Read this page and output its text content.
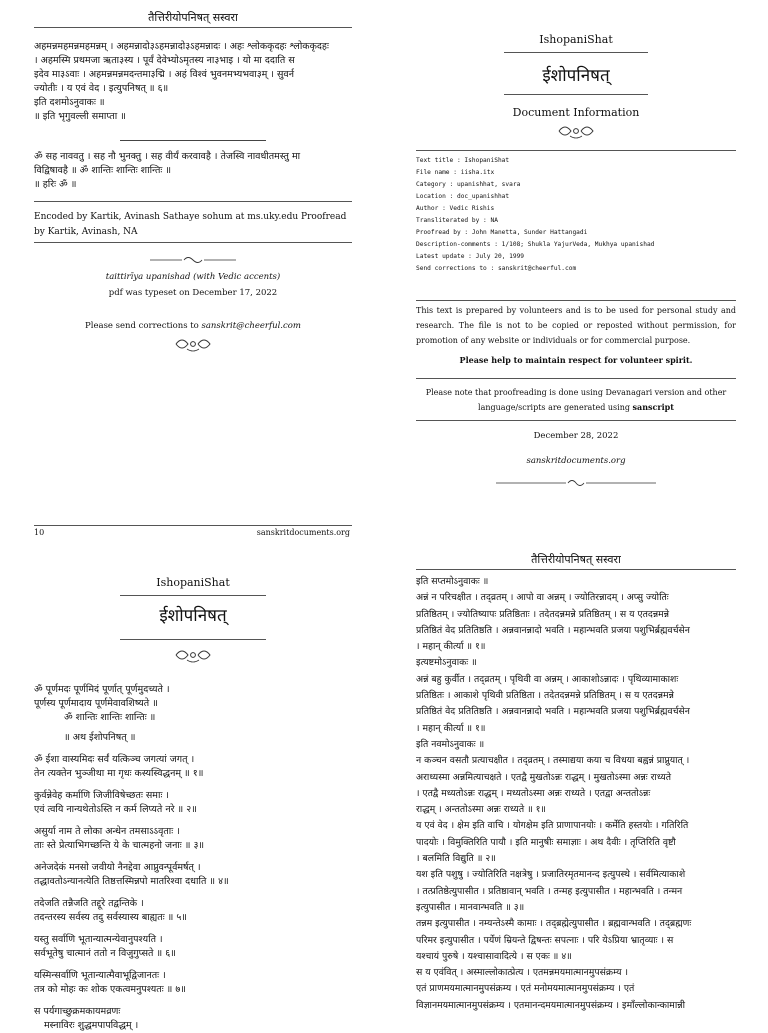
तैत्तिरीयोपनिषत् सस्वरा
अहमन्नमहमन्नमहमन्नम् । अहमन्नादो३ऽहमन्नादो३ऽहमन्नादः । अहः श्लोककृदहः श्लोककृदहः
। अहमस्मि प्रथमजा ऋता३स्य । पूर्वं देवेभ्योऽमृतस्य ना३भाइ । यो मा ददाति स
इदेव मा३ऽवाः । अहमन्नमन्नमदन्तमा३द्मि । अहं विश्वं भुवनमभ्यभवा३म् । सुवर्न
ज्योतीः । य एवं वेद । इत्युपनिषत् ॥ ६॥
इति दशमोऽनुवाकः ॥
॥ इति भृगुवल्ली समाप्ता ॥
ॐ सह नाववतु । सह नौ भुनक्तु । सह वीर्यं करवावहै । तेजस्वि नावधीतमस्तु मा
विद्विषावहै ॥ ॐ शान्तिः शान्तिः शान्तिः ॥
॥ हरिः ॐ ॥
Encoded by Kartik, Avinash Sathaye sohum at ms.uky.edu Proofread by Kartik, Avinash, NA
taittirīya upanishad (with Vedic accents)
pdf was typeset on December 17, 2022
Please send corrections to sanskrit@cheerful.com
10	sanskritdocuments.org
IshopaniShat
ईशोपनिषत्
Document Information
Text title : IshopaniShat
File name : iisha.itx
Category : upanishhat, svara
Location : doc_upanishhat
Author : Vedic Rishis
Transliterated by : NA
Proofread by : John Manetta, Sunder Hattangadi
Description-comments : 1/108; Shukla YajurVeda, Mukhya upanishad
Latest update : July 20, 1999
Send corrections to : sanskrit@cheerful.com
This text is prepared by volunteers and is to be used for personal study and research. The file is not to be copied or reposted without permission, for promotion of any website or individuals or for commercial purpose.
Please help to maintain respect for volunteer spirit.
Please note that proofreading is done using Devanagari version and other language/scripts are generated using sanscript
December 28, 2022
sanskritdocuments.org
IshopaniShat
ईशोपनिषत्
ॐ पूर्णमदः पूर्णमिदं पूर्णात् पूर्णमुदच्यते ।
पूर्णस्य पूर्णमादाय पूर्णमेवावशिष्यते ॥
ॐ शान्तिः शान्तिः शान्तिः ॥
॥ अथ ईशोपनिषत् ॥
ॐ ईशा वास्यमिदः सर्वं यत्किञ्च जगत्यां जगत् ।
तेन त्यक्तेन भुञ्जीथा मा गृधः कस्यस्विद्धनम् ॥ १॥
कुर्वन्नेवेह कर्माणि जिजीविषेच्छतः समाः ।
एवं त्वयि नान्यथेतोऽस्ति न कर्म लिप्यते नरे ॥ २॥
असुर्या नाम ते लोका अन्धेन तमसाऽऽवृताः ।
ताः स्ते प्रेत्याभिगच्छन्ति ये के चात्महनो जनाः ॥ ३॥
अनेजदेकं मनसो जवीयो नैनद्देवा आप्नुवन्पूर्वमर्षत् ।
तद्धावतोऽन्यानत्येति तिष्ठत्तस्मिन्नपो मातरिश्वा दधाति ॥ ४॥
तदेजति तन्नैजति तद्दूरे तद्वन्तिके ।
तदन्तरस्य सर्वस्य तदु सर्वस्यास्य बाह्यतः ॥ ५॥
यस्तु सर्वाणि भूतान्यात्मन्येवानुपश्यति ।
सर्वभूतेषु चात्मानं ततो न विजुगुप्सते ॥ ६॥
यस्मिन्सर्वाणि भूतान्यात्मैवाभूद्विजानतः ।
तत्र को मोहः कः शोक एकत्वमनुपश्यतः ॥ ७॥
स पर्यगाच्छुक्रमकायमव्रणः
मस्नाविरः शुद्धमपापविद्धम् ।
तैत्तिरीयोपनिषत् सस्वरा
इति सप्तमोऽनुवाकः ॥
अन्नं न परिचक्षीत । तद्व्रतम् । आपो वा अन्नम् । ज्योतिरन्नादम् । अप्सु ज्योतिः
प्रतिष्ठितम् । ज्योतिष्यापः प्रतिष्ठिताः । तदेतदन्नमन्ने प्रतिष्ठितम् । स य एतदन्नमन्ने
प्रतिष्ठितं वेद प्रतितिष्ठति । अन्नवानन्नादो भवति । महान्भवति प्रजया पशुभिर्ब्रह्मवर्चसेन
। महान् कीर्त्या ॥ १॥
इत्यष्टमोऽनुवाकः ॥
अन्नं बहु कुर्वीत । तद्व्रतम् । पृथिवी वा अन्नम् । आकाशोऽन्नादः । पृथिव्यामाकाशः
प्रतिष्ठितः । आकाशे पृथिवी प्रतिष्ठिता । तदेतदन्नमन्ने प्रतिष्ठितम् । स य एतदन्नमन्ने
प्रतिष्ठितं वेद प्रतितिष्ठति । अन्नवानन्नादो भवति । महान्भवति प्रजया पशुभिर्ब्रह्मवर्चसेन
। महान् कीर्त्या ॥ १॥
इति नवमोऽनुवाकः ॥
न कञ्चन वसतौ प्रत्याचक्षीत । तद्व्रतम् । तस्माद्यया कया च विधया बह्वन्नं प्राप्नुयात् ।
अराध्यस्मा अन्नमित्याचक्षते । एतद्वै मुखतोऽन्नः राद्धम् । मुखतोऽस्मा अन्नः राध्यते
। एतद्वै मध्यतोऽन्नः राद्धम् । मध्यतोऽस्मा अन्नः राध्यते । एतद्वा अन्ततोऽन्नः
राद्धम् । अन्ततोऽस्मा अन्नः राध्यते ॥ १॥
य एवं वेद । क्षेम इति वाचि । योगक्षेम इति प्राणापानयोः । कर्मेति हस्तयोः । गतिरिति
पादयोः । विमुक्तिरिति पायौ । इति मानुषीः समाज्ञाः । अथ दैवीः । तृप्तिरिति वृष्टौ
। बलमिति विद्युति ॥ २॥
यश इति पशुषु । ज्योतिरिति नक्षत्रेषु । प्रजातिरमृतमानन्द इत्युपस्थे । सर्वमित्याकाशे
। तत्प्रतिष्ठेत्युपासीत । प्रतिष्ठावान् भवति । तन्मह इत्युपासीत । महान्भवति । तन्मन
इत्युपासीत । मानवान्भवति ॥ ३॥
तन्नम इत्युपासीत । नम्यन्तेऽस्मै कामाः । तद्ब्रह्मेत्युपासीत । ब्रह्मवान्भवति । तद्ब्रह्मणः
परिमर इत्युपासीत । पर्येणं म्रियन्ते द्विषन्तः सपत्नाः । परि येऽप्रिया भ्रातृव्याः । स
यश्चायं पुरुषे । यश्चासावादित्ये । स एकः ॥ ४॥
स य एवंवित् । अस्माल्लोकात्प्रेत्य । एतमन्नमयमात्मानमुपसंक्रम्य ।
एतं प्राणमयमात्मानमुपसंक्रम्य । एतं मनोमयमात्मानमुपसंक्रम्य । एतं
विज्ञानमयमात्मानमुपसंक्रम्य । एतमानन्दमयमात्मानमुपसंक्रम्य । इमाँल्लोकान्कामान्नी
